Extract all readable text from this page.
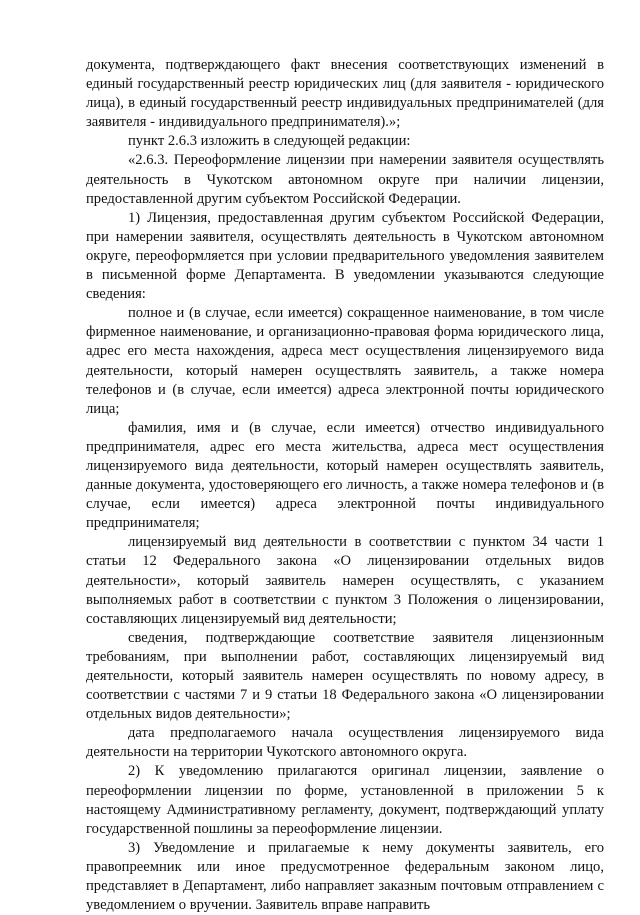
документа, подтверждающего факт внесения соответствующих изменений в единый государственный реестр юридических лиц (для заявителя - юридического лица), в единый государственный реестр индивидуальных предпринимателей (для заявителя - индивидуального предпринимателя).»;

пункт 2.6.3 изложить в следующей редакции:

«2.6.3. Переоформление лицензии при намерении заявителя осуществлять деятельность в Чукотском автономном округе при наличии лицензии, предоставленной другим субъектом Российской Федерации.

1) Лицензия, предоставленная другим субъектом Российской Федерации, при намерении заявителя, осуществлять деятельность в Чукотском автономном округе, переоформляется при условии предварительного уведомления заявителем в письменной форме Департамента. В уведомлении указываются следующие сведения:

полное и (в случае, если имеется) сокращенное наименование, в том числе фирменное наименование, и организационно-правовая форма юридического лица, адрес его места нахождения, адреса мест осуществления лицензируемого вида деятельности, который намерен осуществлять заявитель, а также номера телефонов и (в случае, если имеется) адреса электронной почты юридического лица;

фамилия, имя и (в случае, если имеется) отчество индивидуального предпринимателя, адрес его места жительства, адреса мест осуществления лицензируемого вида деятельности, который намерен осуществлять заявитель, данные документа, удостоверяющего его личность, а также номера телефонов и (в случае, если имеется) адреса электронной почты индивидуального предпринимателя;

лицензируемый вид деятельности в соответствии с пунктом 34 части 1 статьи 12 Федерального закона «О лицензировании отдельных видов деятельности», который заявитель намерен осуществлять, с указанием выполняемых работ в соответствии с пунктом 3 Положения о лицензировании, составляющих лицензируемый вид деятельности;

сведения, подтверждающие соответствие заявителя лицензионным требованиям, при выполнении работ, составляющих лицензируемый вид деятельности, который заявитель намерен осуществлять по новому адресу, в соответствии с частями 7 и 9 статьи 18 Федерального закона «О лицензировании отдельных видов деятельности»;

дата предполагаемого начала осуществления лицензируемого вида деятельности на территории Чукотского автономного округа.

2) К уведомлению прилагаются оригинал лицензии, заявление о переоформлении лицензии по форме, установленной в приложении 5 к настоящему Административному регламенту, документ, подтверждающий уплату государственной пошлины за переоформление лицензии.

3) Уведомление и прилагаемые к нему документы заявитель, его правопреемник или иное предусмотренное федеральным законом лицо, представляет в Департамент, либо направляет заказным почтовым отправлением с уведомлением о вручении. Заявитель вправе направить
